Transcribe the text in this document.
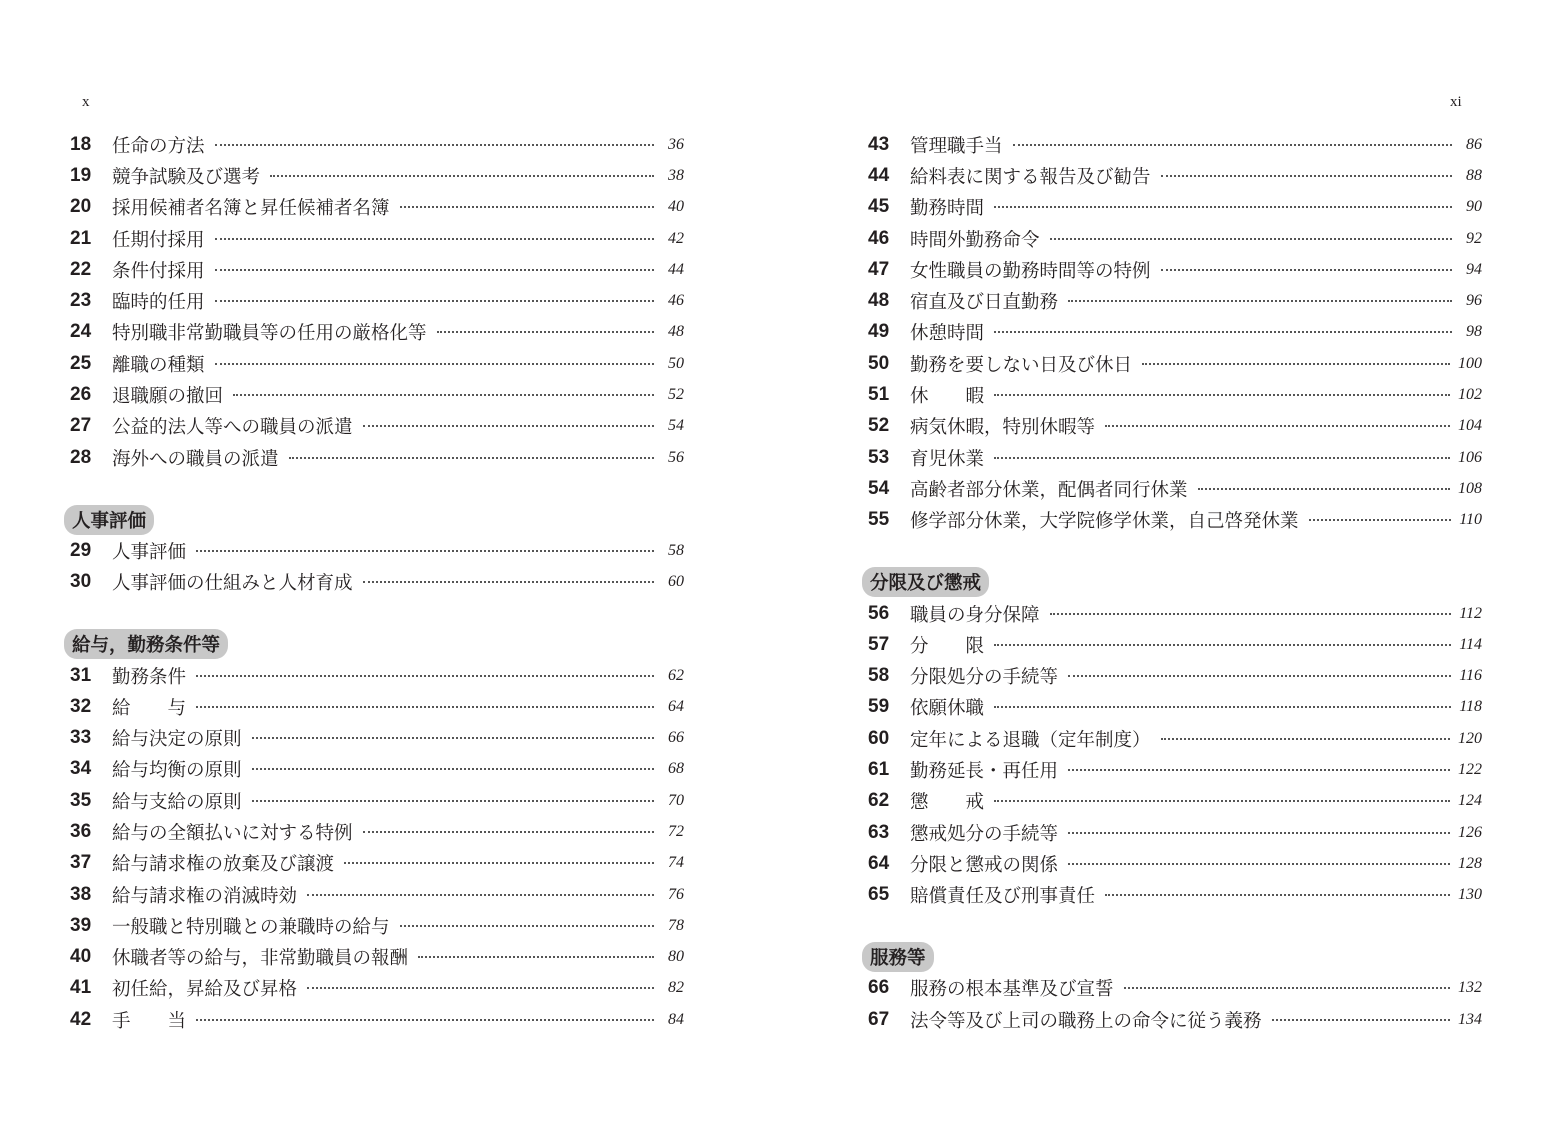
x	xi
18	任命の方法	36
19	競争試験及び選考	38
20	採用候補者名簿と昇任候補者名簿	40
21	任期付採用	42
22	条件付採用	44
23	臨時的任用	46
24	特別職非常勤職員等の任用の厳格化等	48
25	離職の種類	50
26	退職願の撤回	52
27	公益的法人等への職員の派遣	54
28	海外への職員の派遣	56
人事評価
29	人事評価	58
30	人事評価の仕組みと人材育成	60
給与，勤務条件等
31	勤務条件	62
32	給　　与	64
33	給与決定の原則	66
34	給与均衡の原則	68
35	給与支給の原則	70
36	給与の全額払いに対する特例	72
37	給与請求権の放棄及び譲渡	74
38	給与請求権の消滅時効	76
39	一般職と特別職との兼職時の給与	78
40	休職者等の給与，非常勤職員の報酬	80
41	初任給，昇給及び昇格	82
42	手　　当	84
43	管理職手当	86
44	給料表に関する報告及び勧告	88
45	勤務時間	90
46	時間外勤務命令	92
47	女性職員の勤務時間等の特例	94
48	宿直及び日直勤務	96
49	休憩時間	98
50	勤務を要しない日及び休日	100
51	休　　暇	102
52	病気休暇，特別休暇等	104
53	育児休業	106
54	高齢者部分休業，配偶者同行休業	108
55	修学部分休業，大学院修学休業，自己啓発休業	110
分限及び懲戒
56	職員の身分保障	112
57	分　　限	114
58	分限処分の手続等	116
59	依願休職	118
60	定年による退職（定年制度）	120
61	勤務延長・再任用	122
62	懲　　戒	124
63	懲戒処分の手続等	126
64	分限と懲戒の関係	128
65	賠償責任及び刑事責任	130
服務等
66	服務の根本基準及び宣誓	132
67	法令等及び上司の職務上の命令に従う義務	134
